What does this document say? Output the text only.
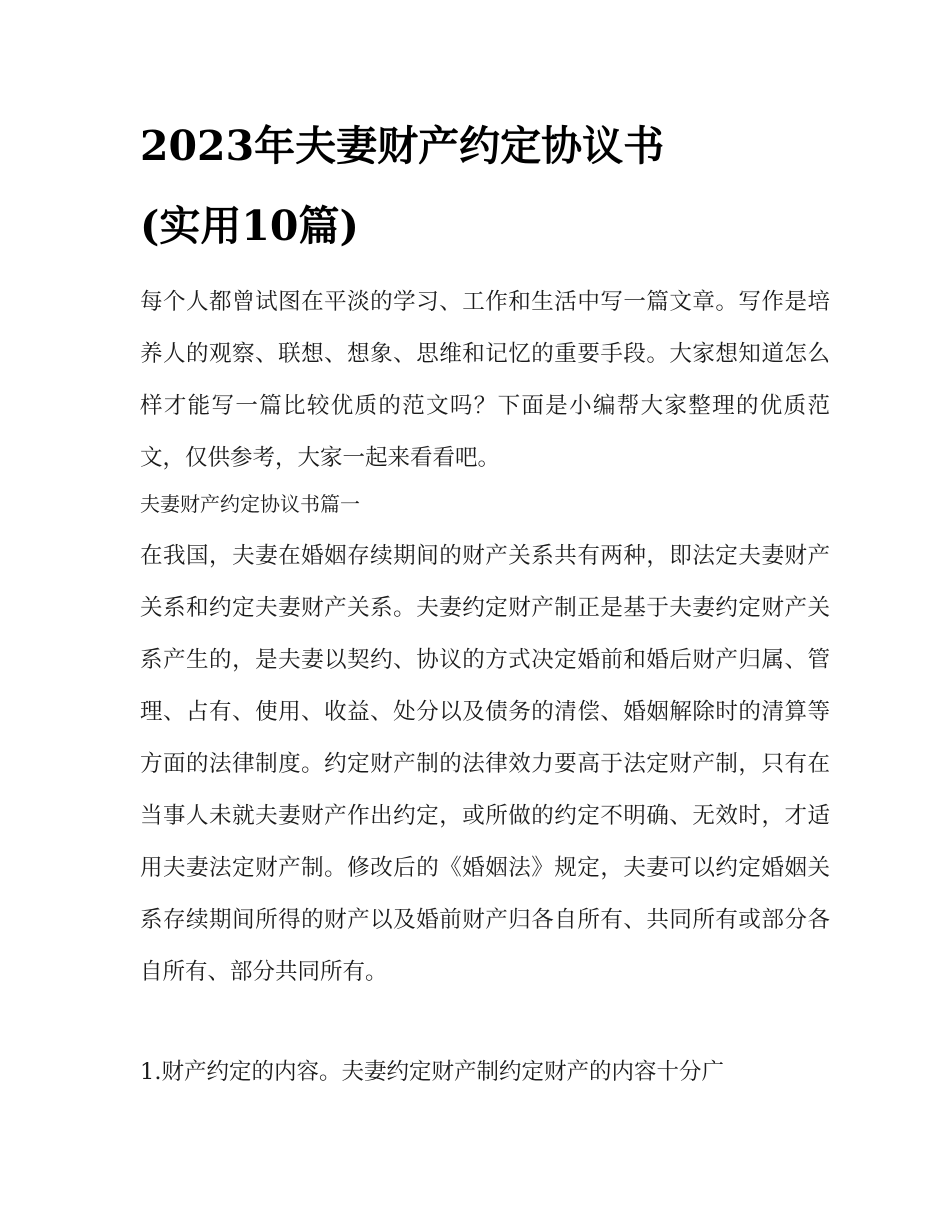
2023年夫妻财产约定协议书
(实用10篇)

每个人都曾试图在平淡的学习、工作和生活中写一篇文章。写作是培养人的观察、联想、想象、思维和记忆的重要手段。大家想知道怎么样才能写一篇比较优质的范文吗？下面是小编帮大家整理的优质范文，仅供参考，大家一起来看看吧。

夫妻财产约定协议书篇一

在我国，夫妻在婚姻存续期间的财产关系共有两种，即法定夫妻财产关系和约定夫妻财产关系。夫妻约定财产制正是基于夫妻约定财产关系产生的，是夫妻以契约、协议的方式决定婚前和婚后财产归属、管理、占有、使用、收益、处分以及债务的清偿、婚姻解除时的清算等方面的法律制度。约定财产制的法律效力要高于法定财产制，只有在当事人未就夫妻财产作出约定，或所做的约定不明确、无效时，才适用夫妻法定财产制。修改后的《婚姻法》规定，夫妻可以约定婚姻关系存续期间所得的财产以及婚前财产归各自所有、共同所有或部分各自所有、部分共同所有。

1.财产约定的内容。夫妻约定财产制约定财产的内容十分广
